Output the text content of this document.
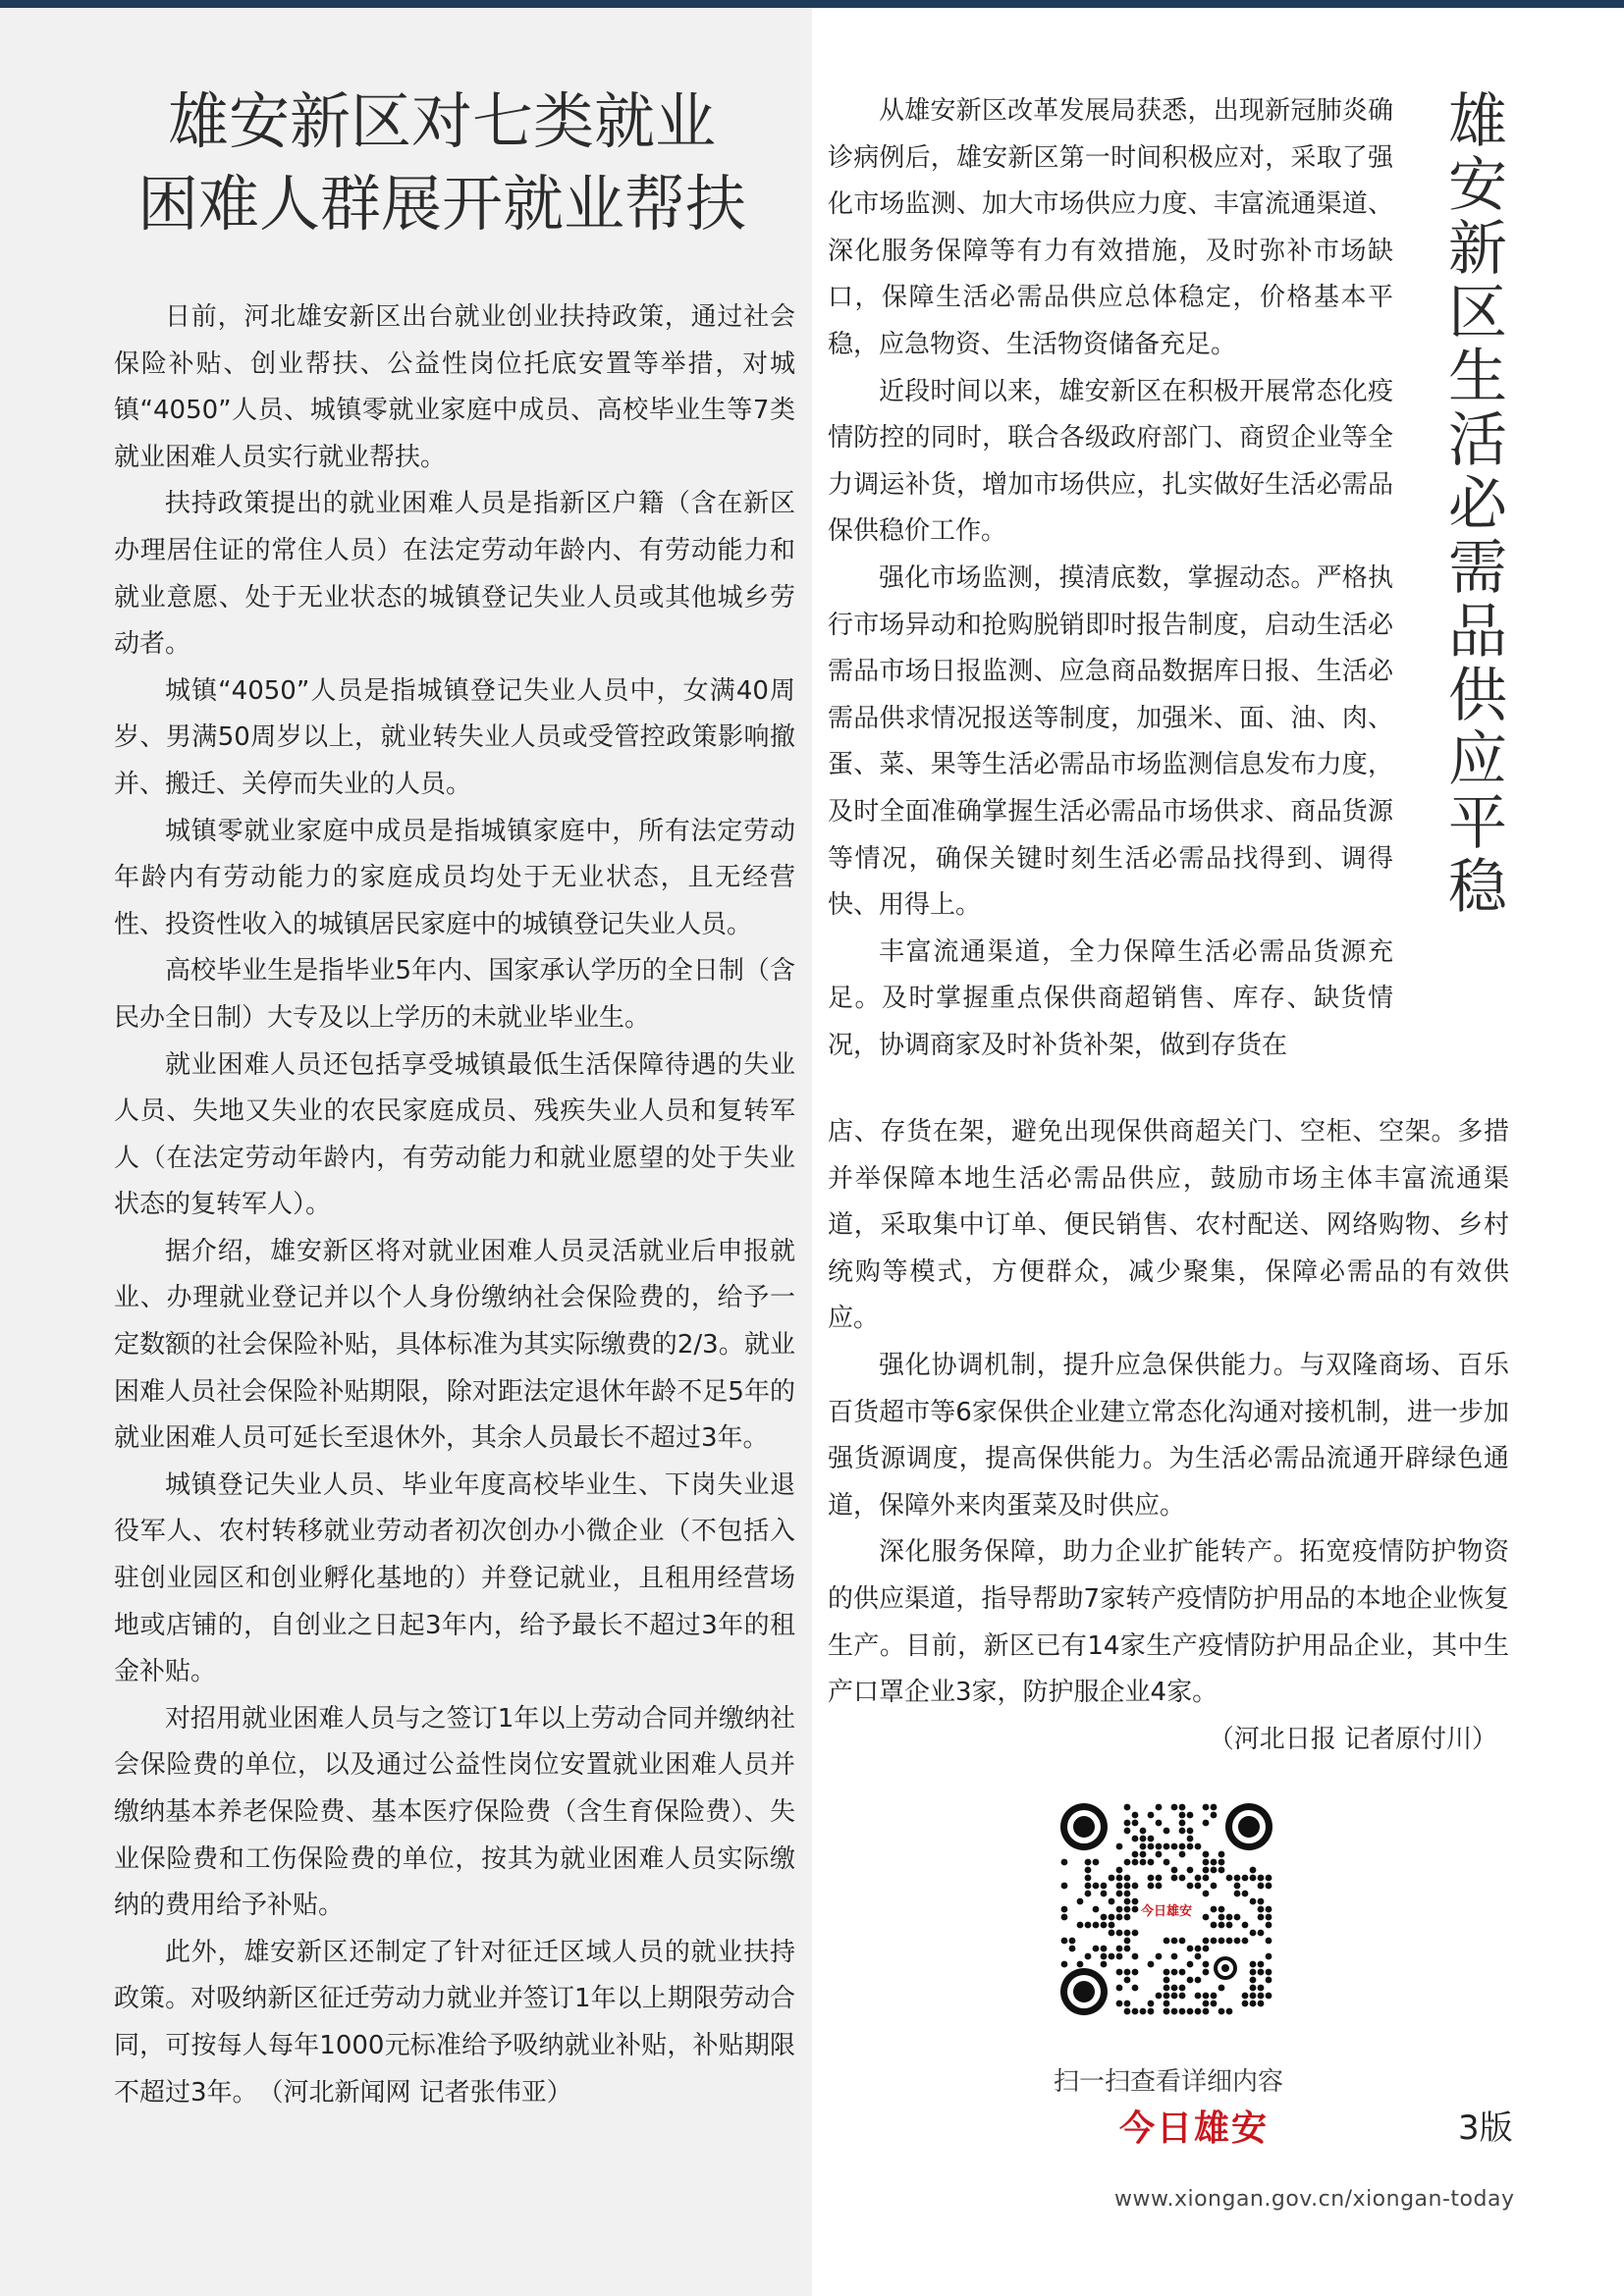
雄安新区对七类就业
困难人群展开就业帮扶

日前，河北雄安新区出台就业创业扶持政策，通过社会保险补贴、创业帮扶、公益性岗位托底安置等举措，对城镇“4050”人员、城镇零就业家庭中成员、高校毕业生等7类就业困难人员实行就业帮扶。

扶持政策提出的就业困难人员是指新区户籍（含在新区办理居住证的常住人员）在法定劳动年龄内、有劳动能力和就业意愿、处于无业状态的城镇登记失业人员或其他城乡劳动者。

城镇“4050”人员是指城镇登记失业人员中，女满40周岁、男满50周岁以上，就业转失业人员或受管控政策影响撤并、搬迁、关停而失业的人员。

城镇零就业家庭中成员是指城镇家庭中，所有法定劳动年龄内有劳动能力的家庭成员均处于无业状态，且无经营性、投资性收入的城镇居民家庭中的城镇登记失业人员。

高校毕业生是指毕业5年内、国家承认学历的全日制（含民办全日制）大专及以上学历的未就业毕业生。

就业困难人员还包括享受城镇最低生活保障待遇的失业人员、失地又失业的农民家庭成员、残疾失业人员和复转军人（在法定劳动年龄内，有劳动能力和就业愿望的处于失业状态的复转军人）。

据介绍，雄安新区将对就业困难人员灵活就业后申报就业、办理就业登记并以个人身份缴纳社会保险费的，给予一定数额的社会保险补贴，具体标准为其实际缴费的2/3。就业困难人员社会保险补贴期限，除对距法定退休年龄不足5年的就业困难人员可延长至退休外，其余人员最长不超过3年。

城镇登记失业人员、毕业年度高校毕业生、下岗失业退役军人、农村转移就业劳动者初次创办小微企业（不包括入驻创业园区和创业孵化基地的）并登记就业，且租用经营场地或店铺的，自创业之日起3年内，给予最长不超过3年的租金补贴。

对招用就业困难人员与之签订1年以上劳动合同并缴纳社会保险费的单位，以及通过公益性岗位安置就业困难人员并缴纳基本养老保险费、基本医疗保险费（含生育保险费）、失业保险费和工伤保险费的单位，按其为就业困难人员实际缴纳的费用给予补贴。

此外，雄安新区还制定了针对征迁区域人员的就业扶持政策。对吸纳新区征迁劳动力就业并签订1年以上期限劳动合同，可按每人每年1000元标准给予吸纳就业补贴，补贴期限不超过3年。　（河北新闻网 记者张伟亚）

从雄安新区改革发展局获悉，出现新冠肺炎确诊病例后，雄安新区第一时间积极应对，采取了强化市场监测、加大市场供应力度、丰富流通渠道、深化服务保障等有力有效措施，及时弥补市场缺口，保障生活必需品供应总体稳定，价格基本平稳，应急物资、生活物资储备充足。

近段时间以来，雄安新区在积极开展常态化疫情防控的同时，联合各级政府部门、商贸企业等全力调运补货，增加市场供应，扎实做好生活必需品保供稳价工作。

强化市场监测，摸清底数，掌握动态。严格执行市场异动和抢购脱销即时报告制度，启动生活必需品市场日报监测、应急商品数据库日报、生活必需品供求情况报送等制度，加强米、面、油、肉、蛋、菜、果等生活必需品市场监测信息发布力度，及时全面准确掌握生活必需品市场供求、商品货源等情况，确保关键时刻生活必需品找得到、调得快、用得上。

丰富流通渠道，全力保障生活必需品货源充足。及时掌握重点保供商超销售、库存、缺货情况，协调商家及时补货补架，做到存货在

雄
安
新
区
生
活
必
需
品
供
应
平
稳

店、存货在架，避免出现保供商超关门、空柜、空架。多措并举保障本地生活必需品供应，鼓励市场主体丰富流通渠道，采取集中订单、便民销售、农村配送、网络购物、乡村统购等模式，方便群众，减少聚集，保障必需品的有效供应。

强化协调机制，提升应急保供能力。与双隆商场、百乐百货超市等6家保供企业建立常态化沟通对接机制，进一步加强货源调度，提高保供能力。为生活必需品流通开辟绿色通道，保障外来肉蛋菜及时供应。

深化服务保障，助力企业扩能转产。拓宽疫情防护物资的供应渠道，指导帮助7家转产疫情防护用品的本地企业恢复生产。目前，新区已有14家生产疫情防护用品企业，其中生产口罩企业3家，防护服企业4家。

（河北日报 记者原付川）

今日雄安
扫一扫查看详细内容
今日雄安	3版
www.xiongan.gov.cn/xiongan-today
